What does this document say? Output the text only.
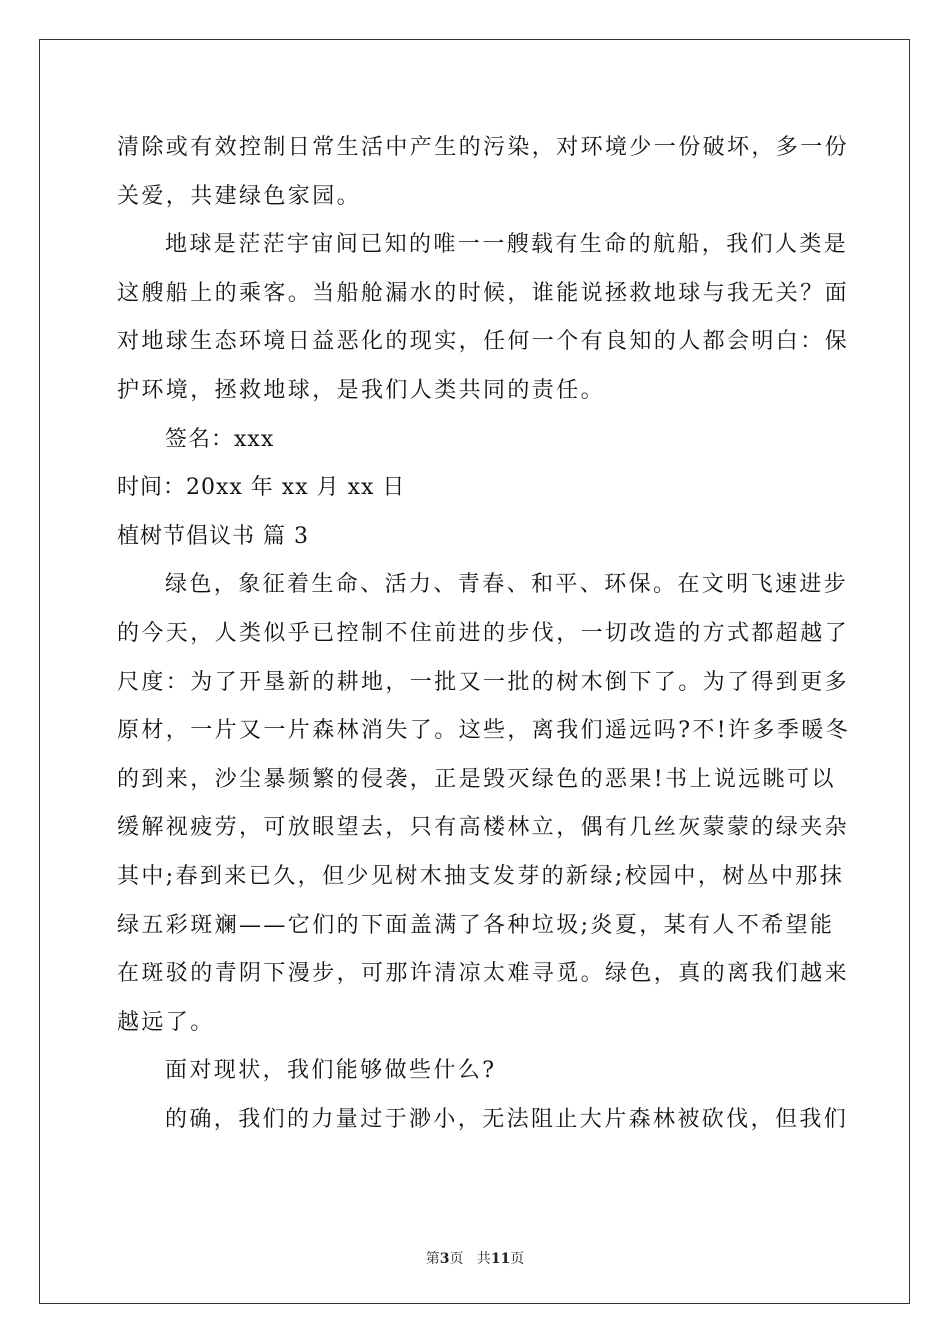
清除或有效控制日常生活中产生的污染，对环境少一份破坏，多一份
关爱，共建绿色家园。
地球是茫茫宇宙间已知的唯一一艘载有生命的航船，我们人类是
这艘船上的乘客。当船舱漏水的时候，谁能说拯救地球与我无关？面
对地球生态环境日益恶化的现实，任何一个有良知的人都会明白：保
护环境，拯救地球，是我们人类共同的责任。
签名：xxx
时间：20xx 年 xx 月 xx 日
植树节倡议书 篇 3
绿色，象征着生命、活力、青春、和平、环保。在文明飞速进步
的今天，人类似乎已控制不住前进的步伐，一切改造的方式都超越了
尺度：为了开垦新的耕地，一批又一批的树木倒下了。为了得到更多
原材，一片又一片森林消失了。这些，离我们遥远吗?不!许多季暖冬
的到来，沙尘暴频繁的侵袭，正是毁灭绿色的恶果!书上说远眺可以
缓解视疲劳，可放眼望去，只有高楼林立，偶有几丝灰蒙蒙的绿夹杂
其中;春到来已久，但少见树木抽支发芽的新绿;校园中，树丛中那抹
绿五彩斑斓——它们的下面盖满了各种垃圾;炎夏，某有人不希望能
在斑驳的青阴下漫步，可那许清凉太难寻觅。绿色，真的离我们越来
越远了。
面对现状，我们能够做些什么?
的确，我们的力量过于渺小，无法阻止大片森林被砍伐，但我们
第3页   共11页
